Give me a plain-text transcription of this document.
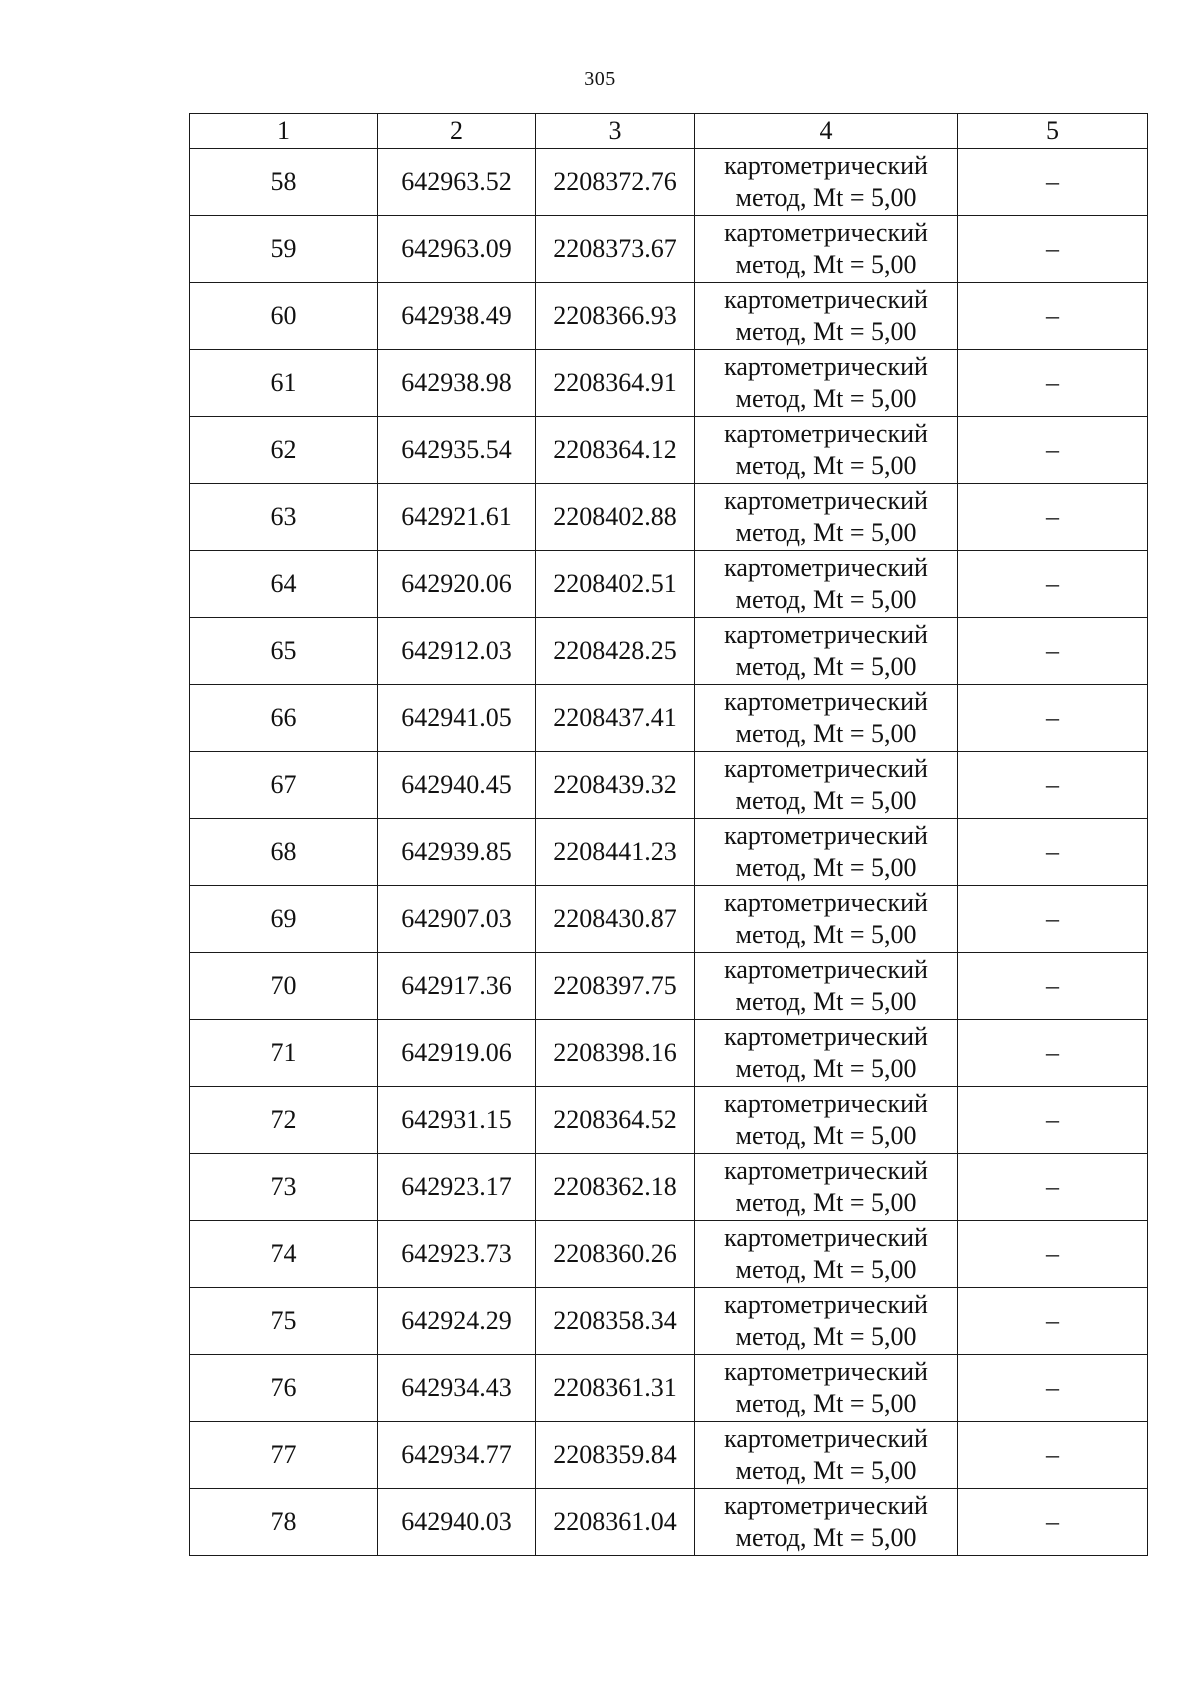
305
1	2	3	4	5
58	642963.52	2208372.76	картометрический
метод, Mt = 5,00	–
59	642963.09	2208373.67	картометрический
метод, Mt = 5,00	–
60	642938.49	2208366.93	картометрический
метод, Mt = 5,00	–
61	642938.98	2208364.91	картометрический
метод, Mt = 5,00	–
62	642935.54	2208364.12	картометрический
метод, Mt = 5,00	–
63	642921.61	2208402.88	картометрический
метод, Mt = 5,00	–
64	642920.06	2208402.51	картометрический
метод, Mt = 5,00	–
65	642912.03	2208428.25	картометрический
метод, Mt = 5,00	–
66	642941.05	2208437.41	картометрический
метод, Mt = 5,00	–
67	642940.45	2208439.32	картометрический
метод, Mt = 5,00	–
68	642939.85	2208441.23	картометрический
метод, Mt = 5,00	–
69	642907.03	2208430.87	картометрический
метод, Mt = 5,00	–
70	642917.36	2208397.75	картометрический
метод, Mt = 5,00	–
71	642919.06	2208398.16	картометрический
метод, Mt = 5,00	–
72	642931.15	2208364.52	картометрический
метод, Mt = 5,00	–
73	642923.17	2208362.18	картометрический
метод, Mt = 5,00	–
74	642923.73	2208360.26	картометрический
метод, Mt = 5,00	–
75	642924.29	2208358.34	картометрический
метод, Mt = 5,00	–
76	642934.43	2208361.31	картометрический
метод, Mt = 5,00	–
77	642934.77	2208359.84	картометрический
метод, Mt = 5,00	–
78	642940.03	2208361.04	картометрический
метод, Mt = 5,00	–
